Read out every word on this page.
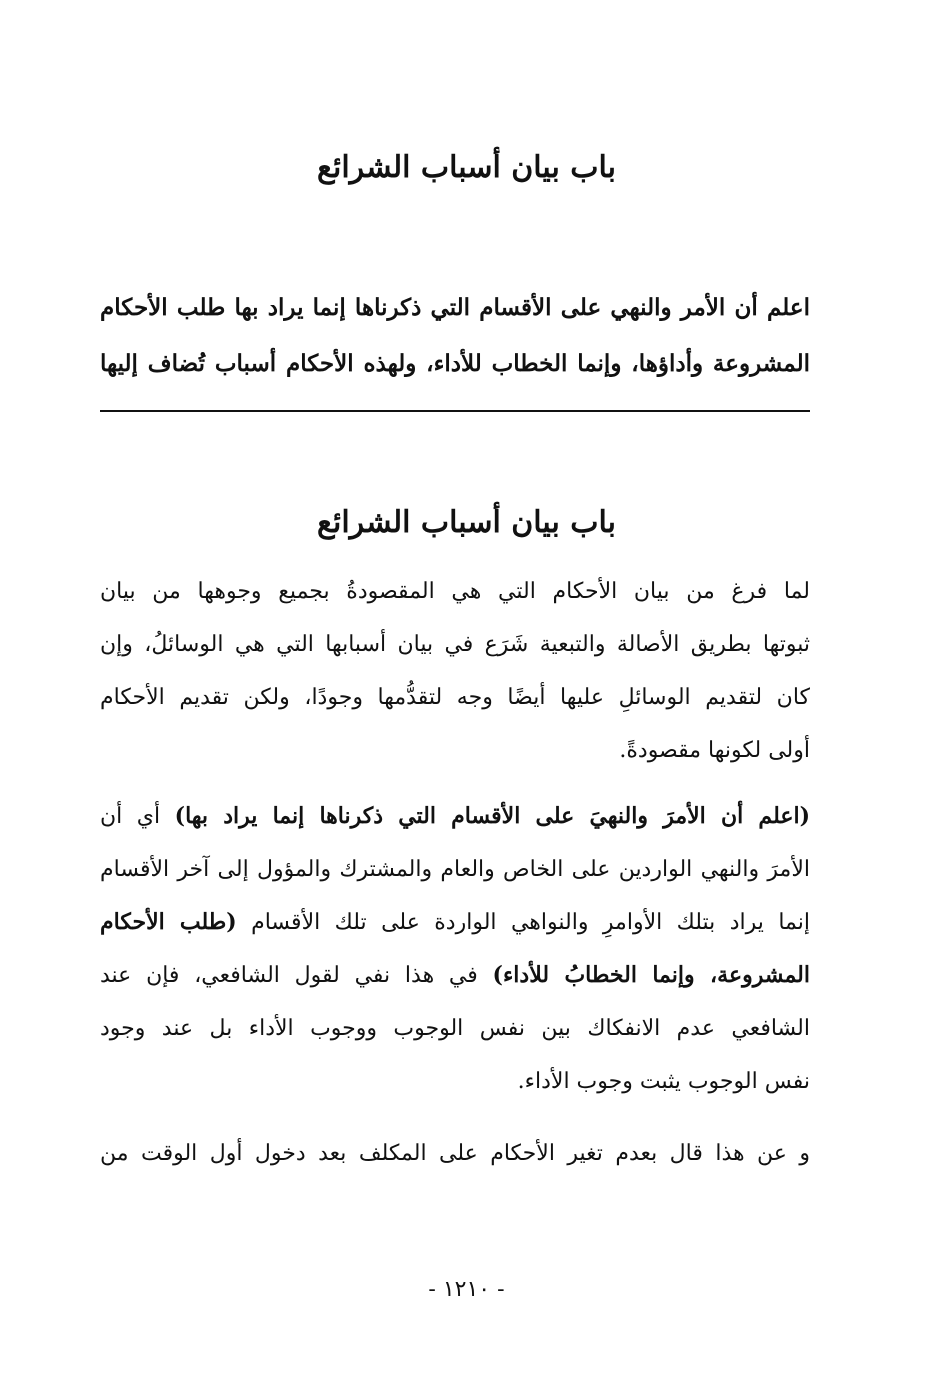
باب بيان أسباب الشرائع

اعلم أن الأمر والنهي على الأقسام التي ذكرناها إنما يراد بها طلب الأحكام
المشروعة وأداؤها، وإنما الخطاب للأداء، ولهذه الأحكام أسباب تُضاف إليها

باب بيان أسباب الشرائع

لما فرغ من بيان الأحكام التي هي المقصودةُ بجميع وجوهها من بيان
ثبوتها بطريق الأصالة والتبعية شَرَع في بيان أسبابها التي هي الوسائلُ، وإن
كان لتقديم الوسائلِ عليها أيضًا وجه لتقدُّمها وجودًا، ولكن تقديم الأحكام
أولى لكونها مقصودةً.

(اعلم أن الأمرَ والنهيَ على الأقسام التي ذكرناها إنما يراد بها) أي أن
الأمرَ والنهي الواردين على الخاص والعام والمشترك والمؤول إلى آخر الأقسام
إنما يراد بتلك الأوامرِ والنواهي الواردة على تلك الأقسام (طلب الأحكام
المشروعة، وإنما الخطابُ للأداء) في هذا نفي لقول الشافعي، فإن عند
الشافعي عدم الانفكاك بين نفس الوجوب ووجوب الأداء بل عند وجود
نفس الوجوب يثبت وجوب الأداء.

و عن هذا قال بعدم تغير الأحكام على المكلف بعد دخول أول الوقت من

- ١٢١٠ -
